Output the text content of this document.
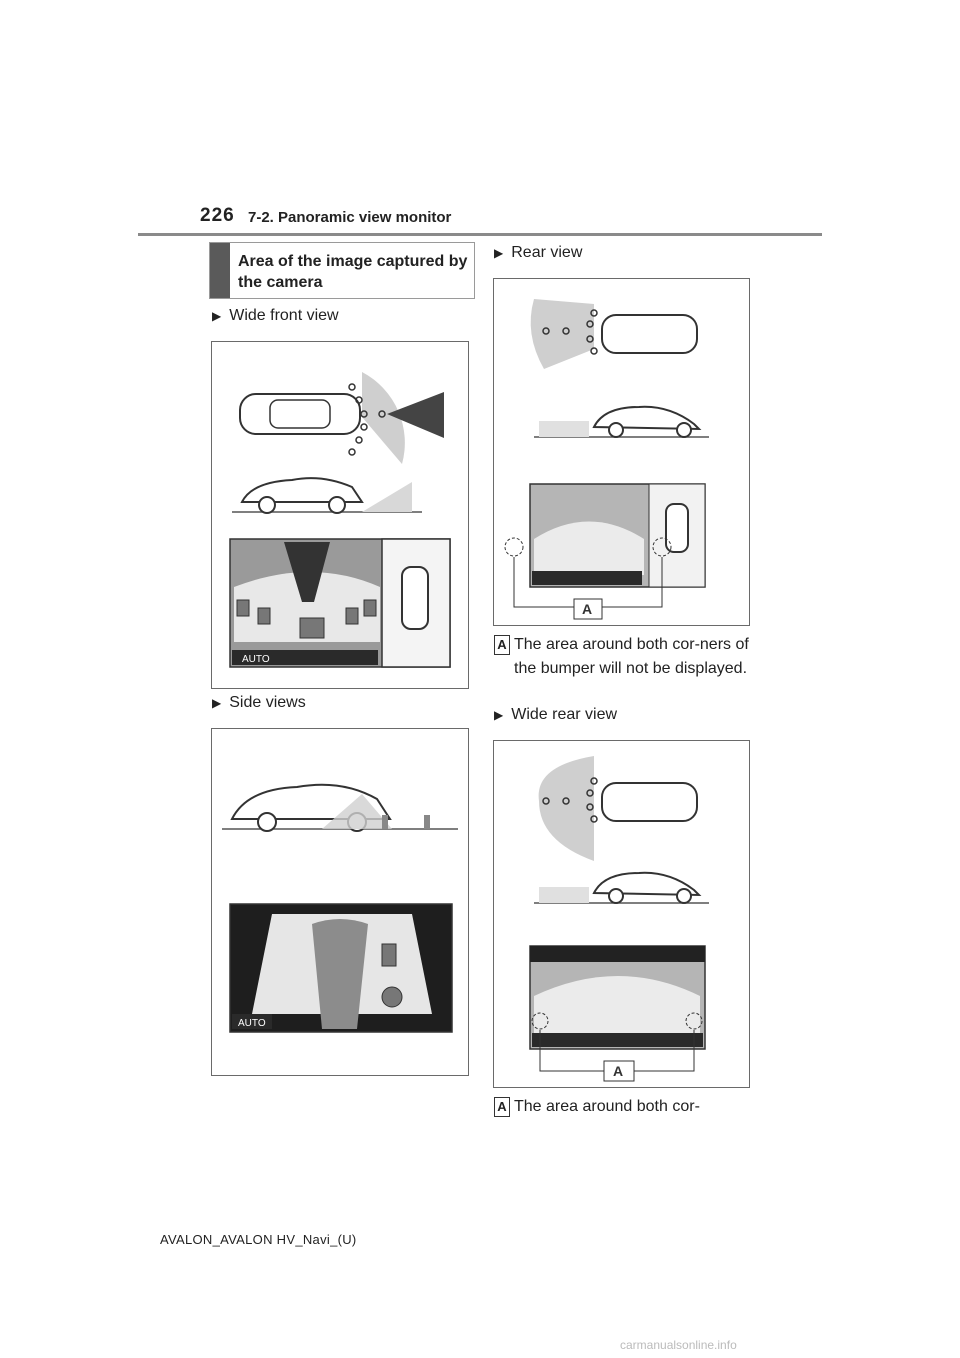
226 7-2. Panoramic view monitor
Area of the image captured by the camera
▶ Wide front view
AUTO
▶ Side views
AUTO
▶ Rear view
A
A The area around both cor-ners of the bumper will not be displayed.
▶ Wide rear view
A
A The area around both cor-
AVALON_AVALON HV_Navi_(U)
carmanualsonline.info
